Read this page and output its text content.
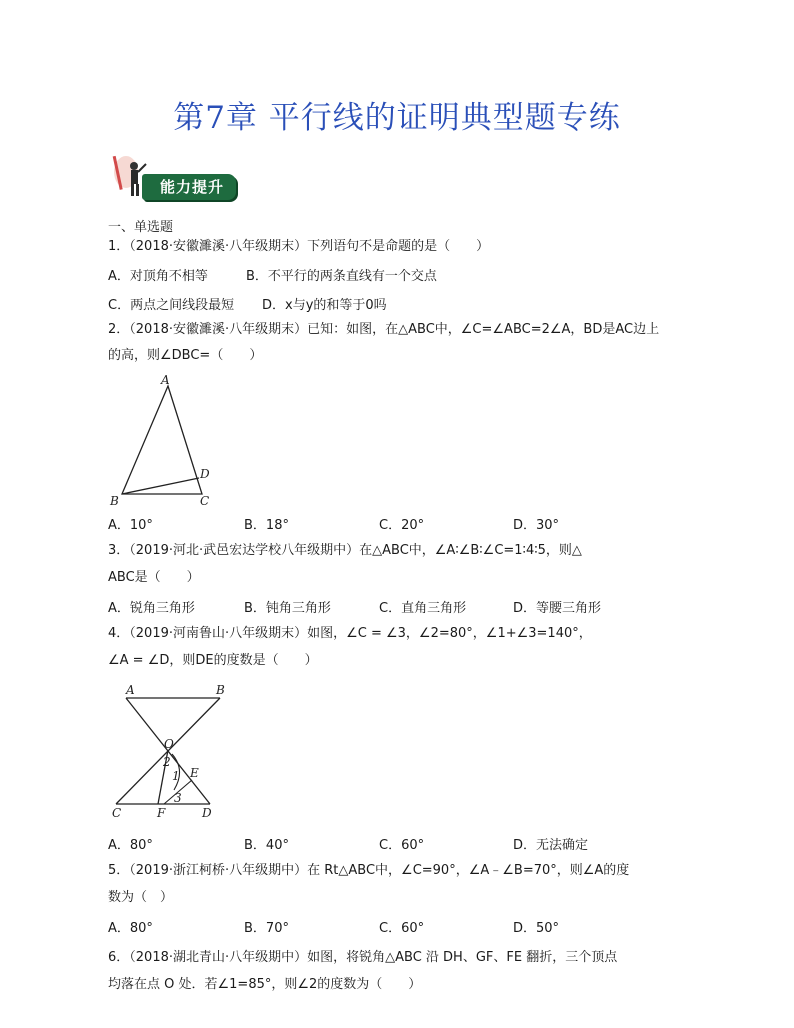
第7章 平行线的证明典型题专练
能力提升
一、单选题
1．（2018·安徽濉溪·八年级期末）下列语句不是命题的是（　　）
A．对顶角不相等	B．不平行的两条直线有一个交点
C．两点之间线段最短 D．x与y的和等于0吗
2．（2018·安徽濉溪·八年级期末）已知：如图，在△ABC中，∠C=∠ABC=2∠A，BD是AC边上
的高，则∠DBC=（　　）
A
B	C
D
A．10°	B．18°	C．20°	D．30°
3．（2019·河北·武邑宏达学校八年级期中）在△ABC中，∠A∶∠B∶∠C=1∶4∶5，则△
ABC是（　　）
A．锐角三角形	B．钝角三角形	C．直角三角形	D．等腰三角形
4．（2019·河南鲁山·八年级期末）如图，∠C = ∠3，∠2=80°，∠1+∠3=140°，
∠A = ∠D，则DE的度数是（　　）
A	B
O
E
C	F	D
2
1
3
A．80°	B．40°	C．60°	D．无法确定
5．（2019·浙江柯桥·八年级期中）在 Rt△ABC中，∠C=90°，∠A﹣∠B=70°，则∠A的度
数为（　）
A．80°	B．70°	C．60°	D．50°
6．（2018·湖北青山·八年级期中）如图，将锐角△ABC 沿 DH、GF、FE 翻折，三个顶点
均落在点 O 处．若∠1=85°，则∠2的度数为（　　）
